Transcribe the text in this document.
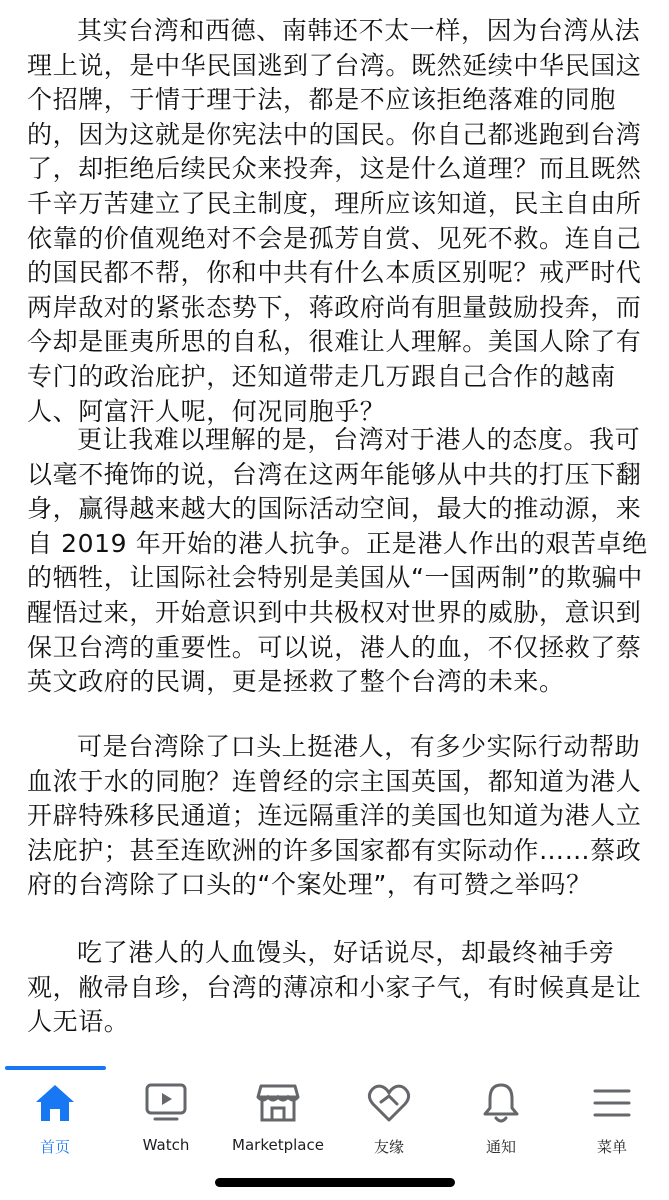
其实台湾和西德、南韩还不太一样，因为台湾从法理上说，是中华民国逃到了台湾。既然延续中华民国这个招牌，于情于理于法，都是不应该拒绝落难的同胞的，因为这就是你宪法中的国民。你自己都逃跑到台湾了，却拒绝后续民众来投奔，这是什么道理？而且既然千辛万苦建立了民主制度，理所应该知道，民主自由所依靠的价值观绝对不会是孤芳自赏、见死不救。连自己的国民都不帮，你和中共有什么本质区别呢？戒严时代两岸敌对的紧张态势下，蒋政府尚有胆量鼓励投奔，而今却是匪夷所思的自私，很难让人理解。美国人除了有专门的政治庇护，还知道带走几万跟自己合作的越南人、阿富汗人呢，何况同胞乎？

更让我难以理解的是，台湾对于港人的态度。我可以毫不掩饰的说，台湾在这两年能够从中共的打压下翻身，赢得越来越大的国际活动空间，最大的推动源，来自 2019 年开始的港人抗争。正是港人作出的艰苦卓绝的牺牲，让国际社会特别是美国从“一国两制”的欺骗中醒悟过来，开始意识到中共极权对世界的威胁，意识到保卫台湾的重要性。可以说，港人的血，不仅拯救了蔡英文政府的民调，更是拯救了整个台湾的未来。

可是台湾除了口头上挺港人，有多少实际行动帮助血浓于水的同胞？连曾经的宗主国英国，都知道为港人开辟特殊移民通道；连远隔重洋的美国也知道为港人立法庇护；甚至连欧洲的许多国家都有实际动作……蔡政府的台湾除了口头的“个案处理”，有可赞之举吗？

吃了港人的人血馒头，好话说尽，却最终袖手旁观，敝帚自珍，台湾的薄凉和小家子气，有时候真是让人无语。

首页	Watch	Marketplace	友缘	通知	菜单
